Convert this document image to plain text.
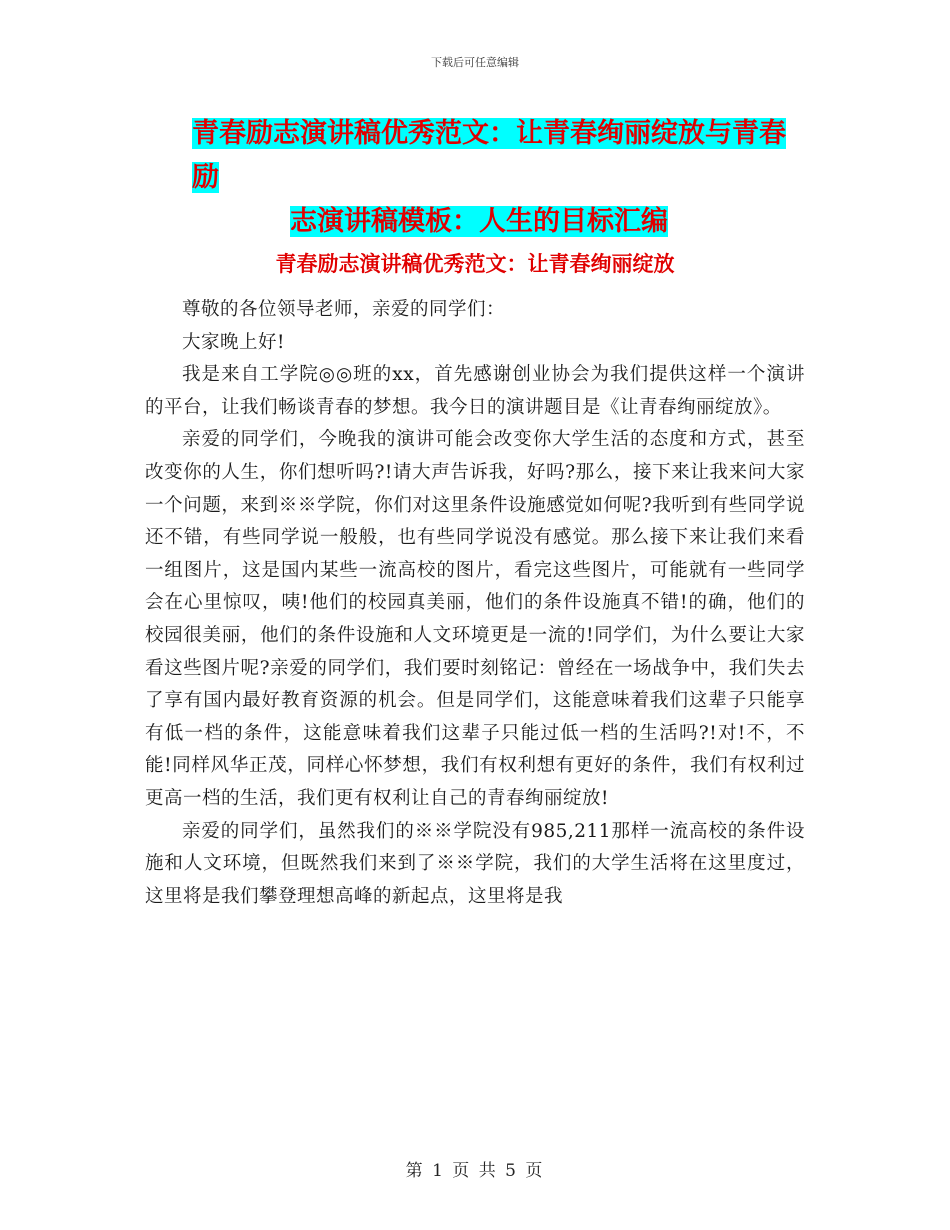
下载后可任意编辑
青春励志演讲稿优秀范文：让青春绚丽绽放与青春励
志演讲稿模板：人生的目标汇编
青春励志演讲稿优秀范文：让青春绚丽绽放

尊敬的各位领导老师，亲爱的同学们：

大家晚上好!

我是来自工学院◎◎班的xx，首先感谢创业协会为我们提供这样一个演讲的平台，让我们畅谈青春的梦想。我今日的演讲题目是《让青春绚丽绽放》。

亲爱的同学们，今晚我的演讲可能会改变你大学生活的态度和方式，甚至改变你的人生，你们想听吗?!请大声告诉我，好吗?那么，接下来让我来问大家一个问题，来到※※学院，你们对这里条件设施感觉如何呢?我听到有些同学说还不错，有些同学说一般般，也有些同学说没有感觉。那么接下来让我们来看一组图片，这是国内某些一流高校的图片，看完这些图片，可能就有一些同学会在心里惊叹，咦!他们的校园真美丽，他们的条件设施真不错!的确，他们的校园很美丽，他们的条件设施和人文环境更是一流的!同学们，为什么要让大家看这些图片呢?亲爱的同学们，我们要时刻铭记：曾经在一场战争中，我们失去了享有国内最好教育资源的机会。但是同学们，这能意味着我们这辈子只能享有低一档的条件，这能意味着我们这辈子只能过低一档的生活吗?!对!不，不能!同样风华正茂，同样心怀梦想，我们有权利想有更好的条件，我们有权利过更高一档的生活，我们更有权利让自己的青春绚丽绽放!

亲爱的同学们，虽然我们的※※学院没有985,211那样一流高校的条件设施和人文环境，但既然我们来到了※※学院，我们的大学生活将在这里度过，这里将是我们攀登理想高峰的新起点，这里将是我

第 1 页 共 5 页
